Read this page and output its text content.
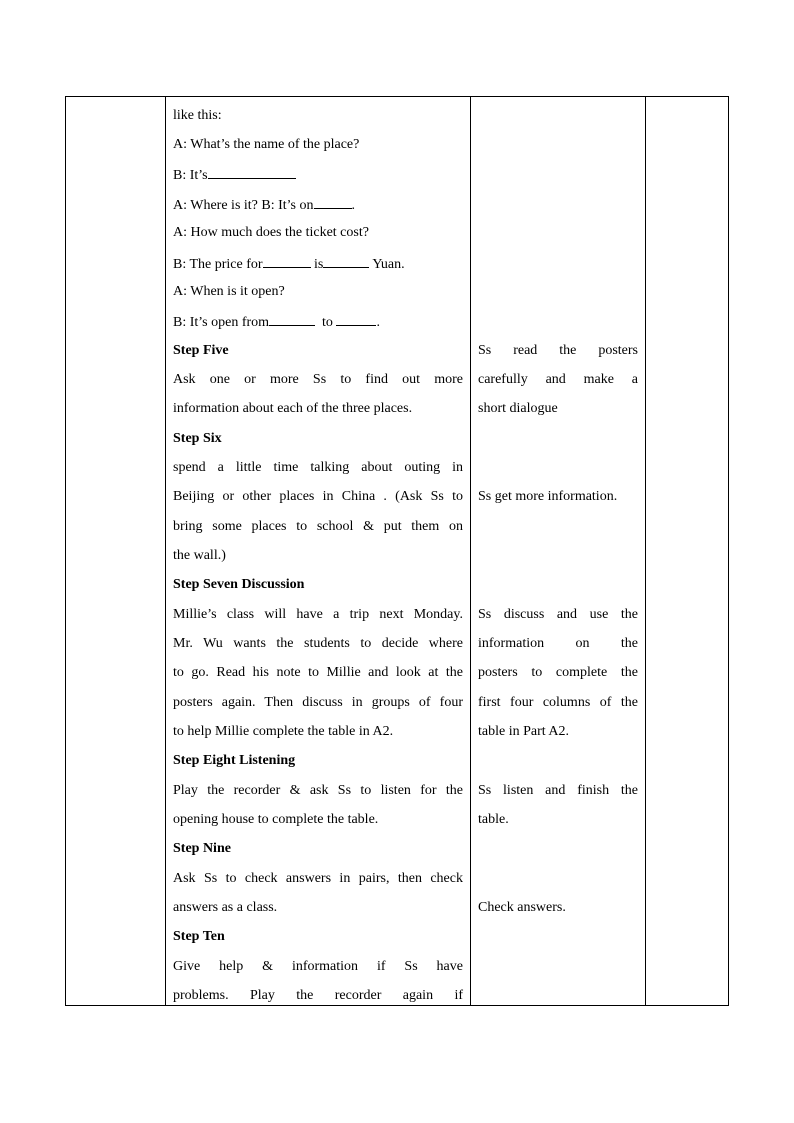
like this:
A: What’s the name of the place?
B: It’s
A: Where is it? B: It’s on	.
A: How much does the ticket cost?
B: The price for	is	Yuan.
A: When is it open?
B: It’s open from	to	.
Step Five
Ask one or more Ss to find out more
information about each of the three places.
Step Six
spend a little time talking about outing in
Beijing or other places in China . (Ask Ss to
bring some places to school & put them on
the wall.)
Step Seven Discussion
Millie’s class will have a trip next Monday.
Mr. Wu wants the students to decide where
to go. Read his note to Millie and look at the
posters again. Then discuss in groups of four
to help Millie complete the table in A2.
Step Eight Listening
Play the recorder & ask Ss to listen for the
opening house to complete the table.
Step Nine
Ask Ss to check answers in pairs, then check
answers as a class.
Step Ten
Give help & information if Ss have
problems. Play the recorder again if
Ss read the posters
carefully and make a
short dialogue
Ss get more information.
Ss discuss and use the
information on the
posters to complete the
first four columns of the
table in Part A2.
Ss listen and finish the
table.
Check answers.
